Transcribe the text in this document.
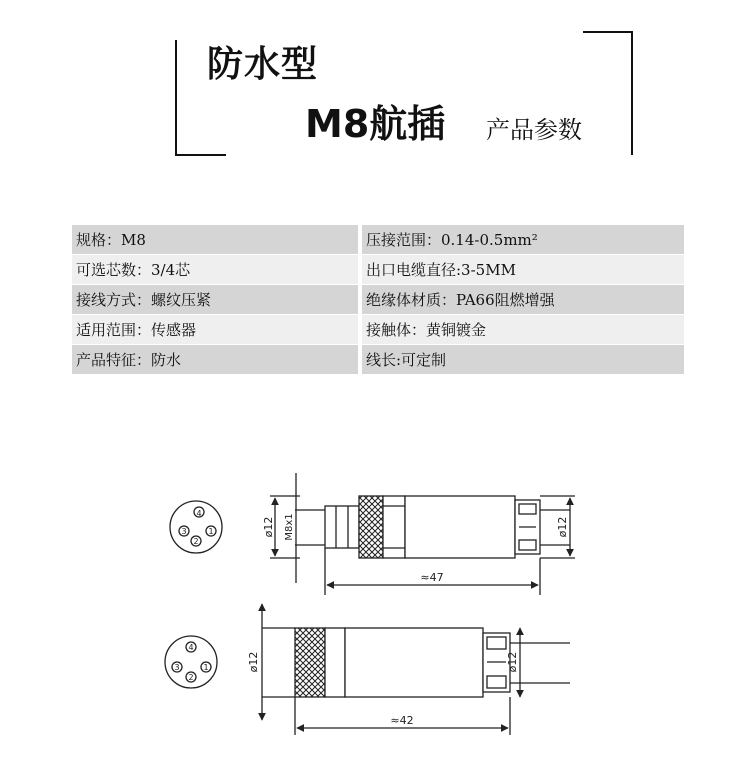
防水型
M8航插 产品参数
规格：M8	压接范围：0.14-0.5mm²
可选芯数：3/4芯	出口电缆直径:3-5MM
接线方式：螺纹压紧	绝缘体材质：PA66阻燃增强
适用范围：传感器	接触体：黄铜镀金
产品特征：防水	线长:可定制
4
3	1
2
ø12 M8x1	ø12
≈47
4
3	1
2
ø12	ø12
≈42
